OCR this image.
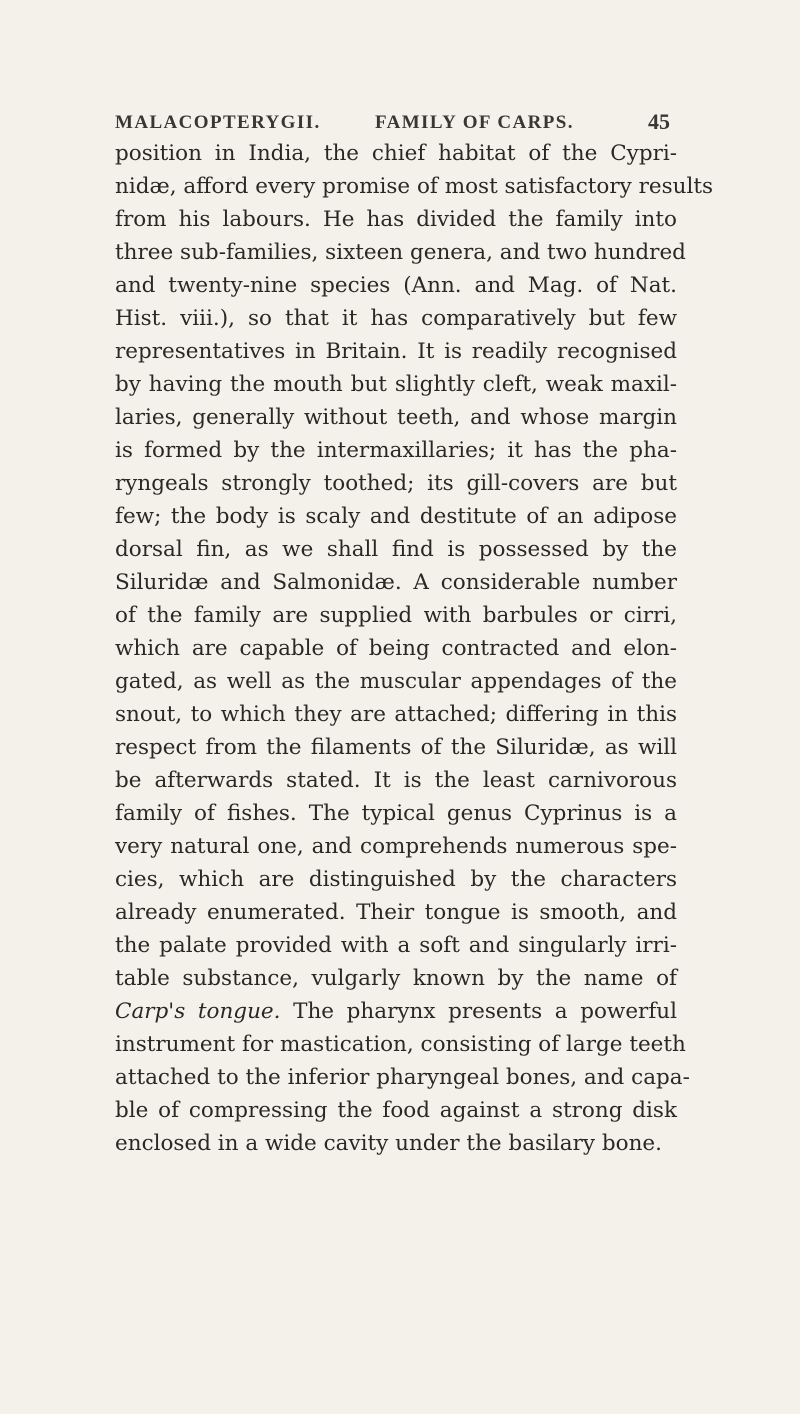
MALACOPTERYGII.	FAMILY OF CARPS.	45
position in India, the chief habitat of the Cypri-
nidæ, afford every promise of most satisfactory results
from his labours. He has divided the family into
three sub-families, sixteen genera, and two hundred
and twenty-nine species (Ann. and Mag. of Nat.
Hist. viii.), so that it has comparatively but few
representatives in Britain. It is readily recognised
by having the mouth but slightly cleft, weak maxil-
laries, generally without teeth, and whose margin
is formed by the intermaxillaries; it has the pha-
ryngeals strongly toothed; its gill-covers are but
few; the body is scaly and destitute of an adipose
dorsal fin, as we shall find is possessed by the
Siluridæ and Salmonidæ. A considerable number
of the family are supplied with barbules or cirri,
which are capable of being contracted and elon-
gated, as well as the muscular appendages of the
snout, to which they are attached; differing in this
respect from the filaments of the Siluridæ, as will
be afterwards stated. It is the least carnivorous
family of fishes. The typical genus Cyprinus is a
very natural one, and comprehends numerous spe-
cies, which are distinguished by the characters
already enumerated. Their tongue is smooth, and
the palate provided with a soft and singularly irri-
table substance, vulgarly known by the name of
Carp's tongue. The pharynx presents a powerful
instrument for mastication, consisting of large teeth
attached to the inferior pharyngeal bones, and capa-
ble of compressing the food against a strong disk
enclosed in a wide cavity under the basilary bone.
